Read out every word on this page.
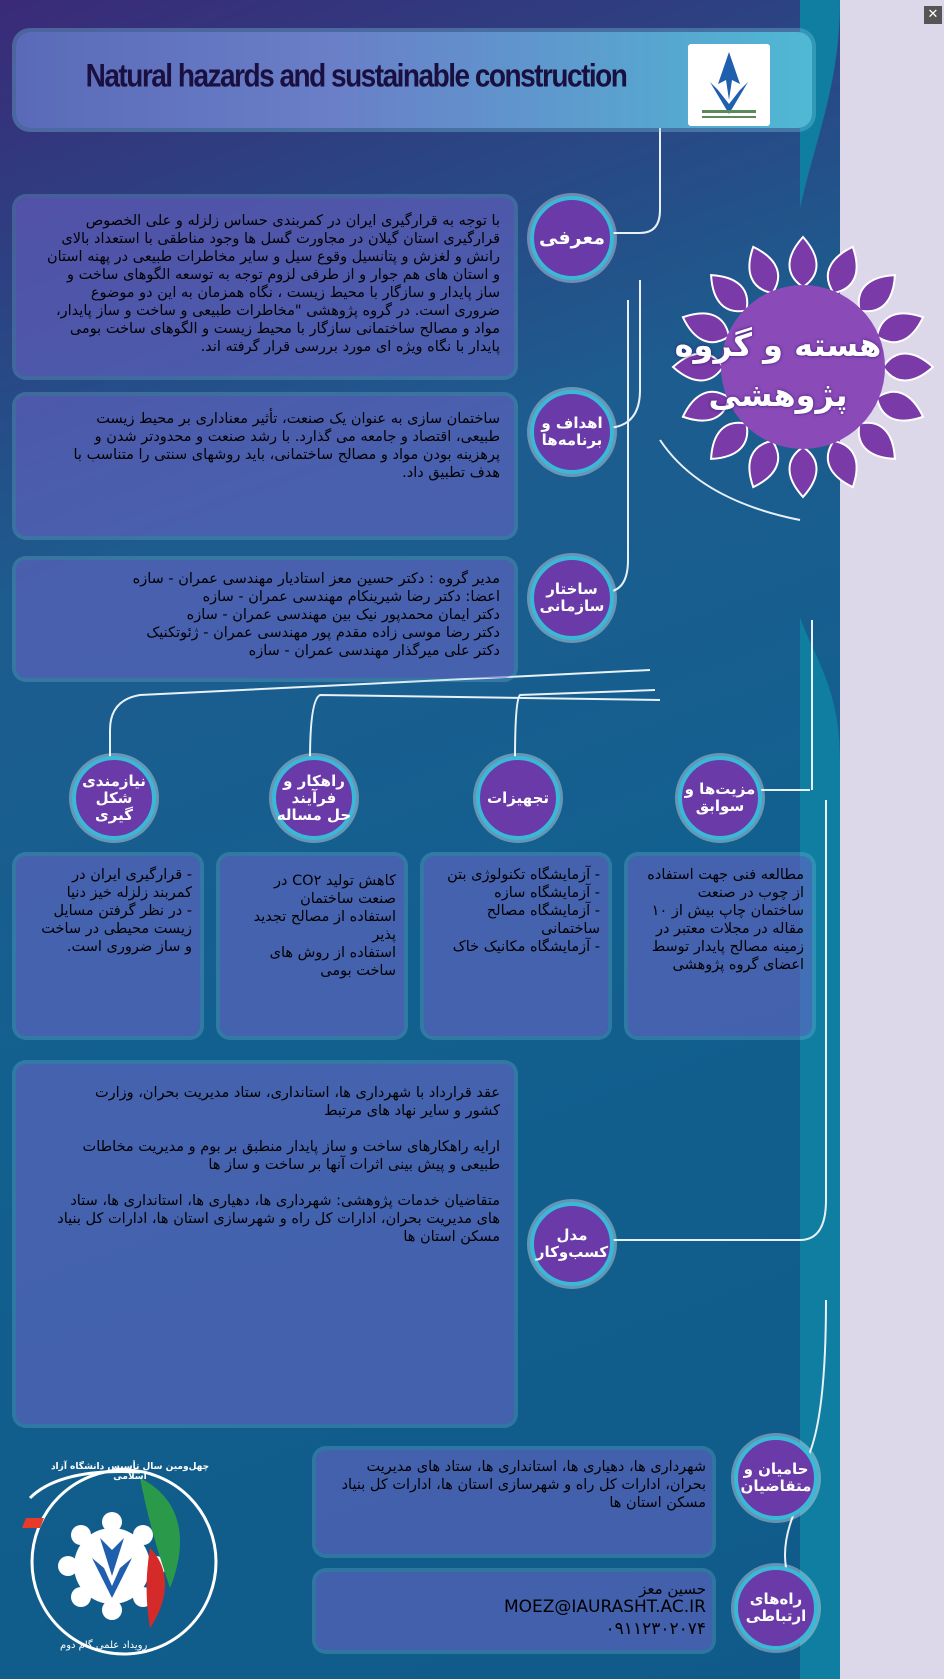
Natural hazards and sustainable construction
✕
هسته و گروه
پژوهشی
با توجه به قرارگیری ایران در کمربندی حساس زلزله و علی الخصوص
قرارگیری استان گیلان در مجاورت گسل ها وجود مناطقی با استعداد بالای
رانش و لغزش و پتانسیل وقوع سیل و سایر مخاطرات طبیعی در پهنه استان
و استان های هم جوار و از طرفی لزوم توجه به توسعه الگوهای ساخت و
ساز پایدار و سازگار با محیط زیست ، نگاه همزمان به این دو موضوع
ضروری است. در گروه پژوهشی "مخاطرات طبیعی و ساخت و ساز پایدار،
مواد و مصالح ساختمانی سازگار با محیط زیست و الگوهای ساخت بومی
پایدار با نگاه ویژه ای مورد بررسی قرار گرفته اند.
معرفی
ساختمان سازی به عنوان یک صنعت، تأثیر معناداری بر محیط زیست
طبیعی، اقتصاد و جامعه می گذارد. با رشد صنعت و محدودتر شدن و
پرهزینه بودن مواد و مصالح ساختمانی، باید روشهای سنتی را متناسب با
هدف تطبیق داد.
اهداف و
برنامه‌ها
مدیر گروه : دکتر حسین معز استادیار مهندسی عمران - سازه
اعضا: دکتر رضا شیرینکام مهندسی عمران - سازه
دکتر ایمان محمدپور نیک بین مهندسی عمران - سازه
دکتر رضا موسی زاده مقدم پور مهندسی عمران - ژئوتکنیک
دکتر علی میرگذار مهندسی عمران - سازه
ساختار
سازمانی
مزیت‌ها و
سوابق
تجهیزات
راهکار و
فرآیند
حل مساله
نیازمندی
شکل گیری
مطالعه فنی جهت استفاده
از چوب در صنعت
ساختمان چاپ بیش از ۱۰
مقاله در مجلات معتبر در
زمینه مصالح پایدار توسط
اعضای گروه پژوهشی
- آزمایشگاه تکنولوژی بتن
- آزمایشگاه سازه
- آزمایشگاه مصالح
ساختمانی
- آزمایشگاه مکانیک خاک
کاهش تولید CO۲ در
صنعت ساختمان
استفاده از مصالح تجدید
پذیر
استفاده از روش های
ساخت بومی
- قرارگیری ایران در
کمربند زلزله خیز دنیا
- در نظر گرفتن مسایل
زیست محیطی در ساخت
و ساز ضروری است.
عقد قرارداد با شهرداری ها، استانداری، ستاد مدیریت بحران، وزارت
کشور و سایر نهاد های مرتبط

ارایه راهکارهای ساخت و ساز پایدار منطبق بر بوم و مدیریت مخاطات
طبیعی و پیش بینی اثرات آنها بر ساخت و ساز ها

متقاضیان خدمات پژوهشی: شهرداری ها، دهیاری ها، استانداری ها، ستاد
های مدیریت بحران، ادارات کل راه و شهرسازی استان ها، ادارات کل بنیاد
مسکن استان ها	مدل
کسب‌وکار
شهرداری ها، دهیاری ها، استانداری ها، ستاد های مدیریت
بحران، ادارات کل راه و شهرسازی استان ها، ادارات کل بنیاد
مسکن استان ها
حامیان و
متقاضیان
حسین معز
MOEZ@IAURASHT.AC.IR
۰۹۱۱۲۳۰۲۰۷۴
راه‌های
ارتباطی
رویداد علمی گام دوم
چهل‌ومین سال تأسیس دانشگاه آزاد اسلامی
